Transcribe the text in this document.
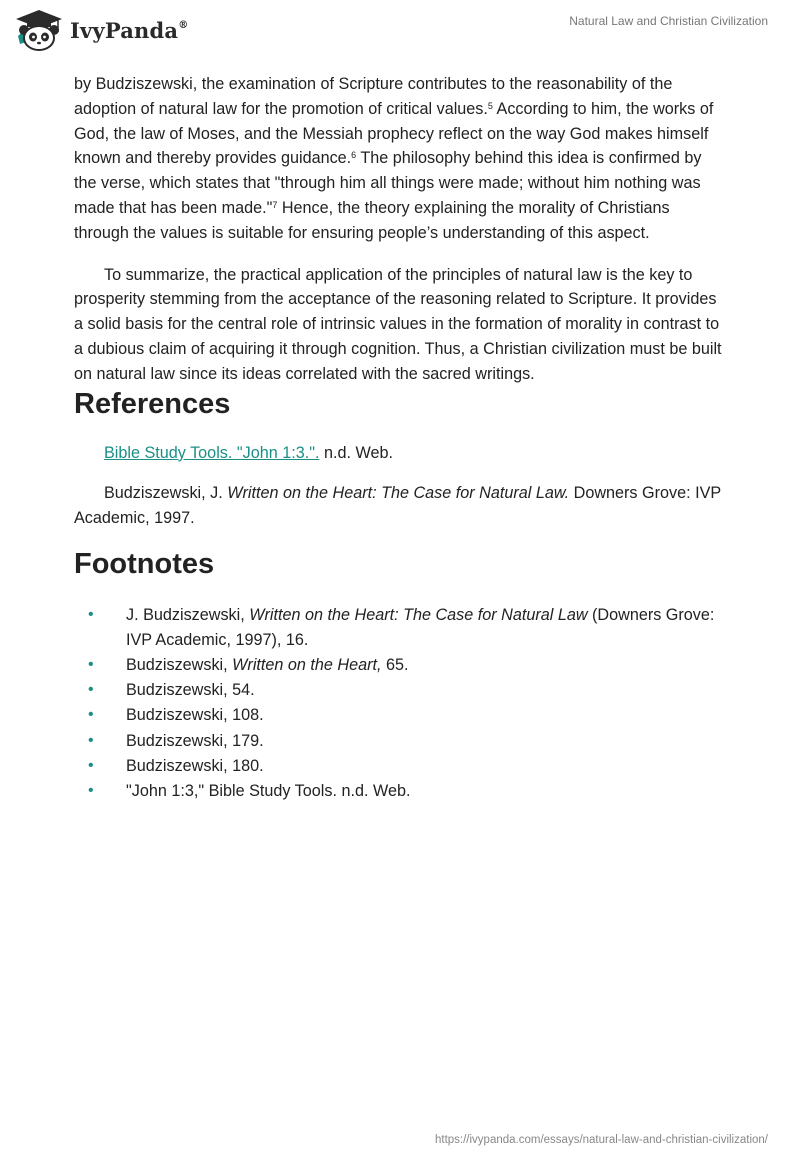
IvyPanda®	Natural Law and Christian Civilization

by Budziszewski, the examination of Scripture contributes to the reasonability of the adoption of natural law for the promotion of critical values.$^5$ According to him, the works of God, the law of Moses, and the Messiah prophecy reflect on the way God makes himself known and thereby provides guidance.$^6$ The philosophy behind this idea is confirmed by the verse, which states that "through him all things were made; without him nothing was made that has been made."$^7$ Hence, the theory explaining the morality of Christians through the values is suitable for ensuring people’s understanding of this aspect.

To summarize, the practical application of the principles of natural law is the key to prosperity stemming from the acceptance of the reasoning related to Scripture. It provides a solid basis for the central role of intrinsic values in the formation of morality in contrast to a dubious claim of acquiring it through cognition. Thus, a Christian civilization must be built on natural law since its ideas correlated with the sacred writings.

References

Bible Study Tools. "John 1:3.". n.d. Web.

Budziszewski, J. Written on the Heart: The Case for Natural Law. Downers Grove: IVP Academic, 1997.

Footnotes
• J. Budziszewski, Written on the Heart: The Case for Natural Law (Downers Grove: IVP Academic, 1997), 16.
• Budziszewski, Written on the Heart, 65.
• Budziszewski, 54.
• Budziszewski, 108.
• Budziszewski, 179.
• Budziszewski, 180.
• "John 1:3," Bible Study Tools. n.d. Web.
https://ivypanda.com/essays/natural-law-and-christian-civilization/
